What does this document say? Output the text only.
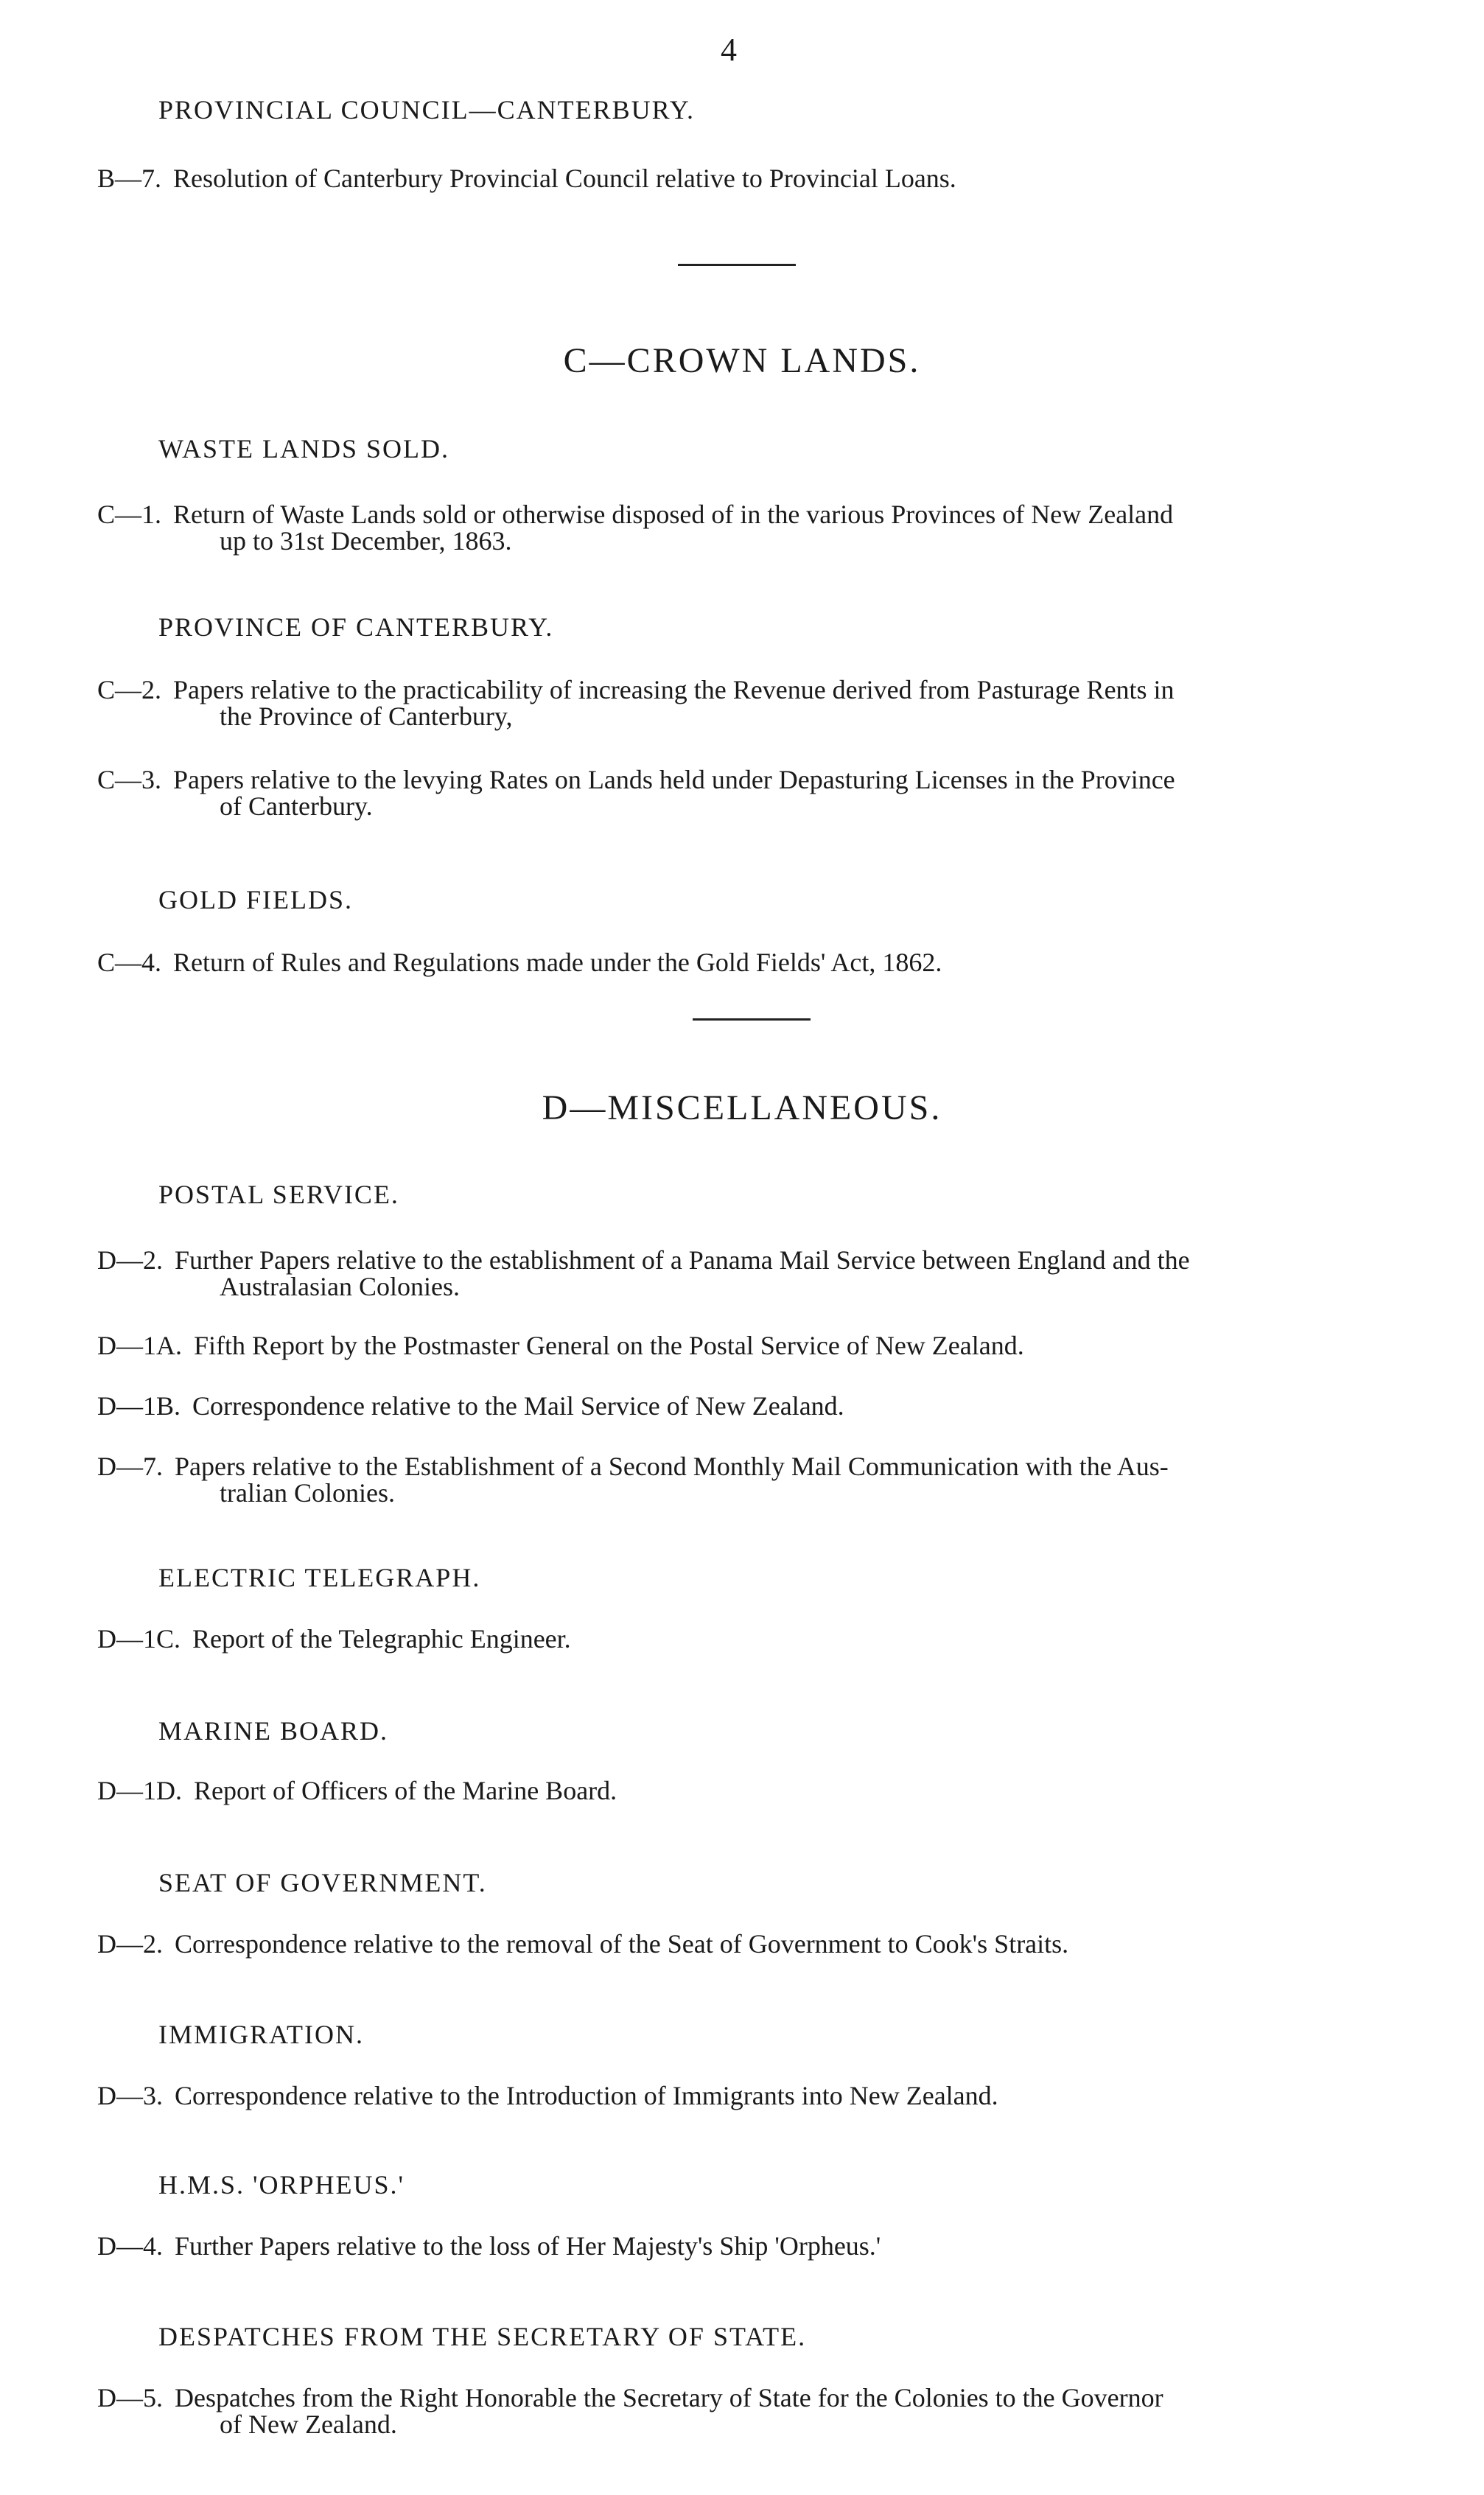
4
PROVINCIAL COUNCIL—CANTERBURY.
B—7. Resolution of Canterbury Provincial Council relative to Provincial Loans.
C—CROWN LANDS.
WASTE LANDS SOLD.
C—1. Return of Waste Lands sold or otherwise disposed of in the various Provinces of New Zealand
up to 31st December, 1863.
PROVINCE OF CANTERBURY.
C—2. Papers relative to the practicability of increasing the Revenue derived from Pasturage Rents in
the Province of Canterbury,
C—3. Papers relative to the levying Rates on Lands held under Depasturing Licenses in the Province
of Canterbury.
GOLD FIELDS.
C—4. Return of Rules and Regulations made under the Gold Fields' Act, 1862.
D—MISCELLANEOUS.
POSTAL SERVICE.
D—2. Further Papers relative to the establishment of a Panama Mail Service between England and the
Australasian Colonies.
D—1A. Fifth Report by the Postmaster General on the Postal Service of New Zealand.
D—1B. Correspondence relative to the Mail Service of New Zealand.
D—7. Papers relative to the Establishment of a Second Monthly Mail Communication with the Aus-
tralian Colonies.
ELECTRIC TELEGRAPH.
D—1C. Report of the Telegraphic Engineer.
MARINE BOARD.
D—1D. Report of Officers of the Marine Board.
SEAT OF GOVERNMENT.
D—2. Correspondence relative to the removal of the Seat of Government to Cook's Straits.
IMMIGRATION.
D—3. Correspondence relative to the Introduction of Immigrants into New Zealand.
H.M.S. 'ORPHEUS.'
D—4. Further Papers relative to the loss of Her Majesty's Ship 'Orpheus.'
DESPATCHES FROM THE SECRETARY OF STATE.
D—5. Despatches from the Right Honorable the Secretary of State for the Colonies to the Governor
of New Zealand.
